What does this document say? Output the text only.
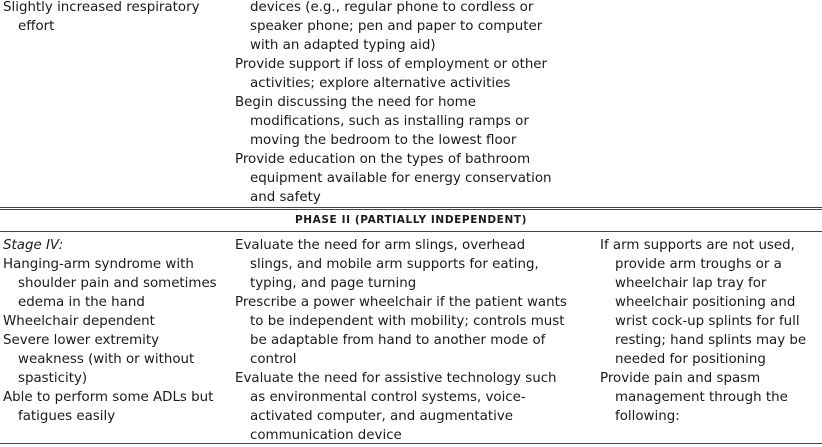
Slightly increased respiratory effort
devices (e.g., regular phone to cordless or speaker phone; pen and paper to computer with an adapted typing aid)
Provide support if loss of employment or other activities; explore alternative activities
Begin discussing the need for home modifications, such as installing ramps or moving the bedroom to the lowest floor
Provide education on the types of bathroom equipment available for energy conservation and safety
PHASE II (PARTIALLY INDEPENDENT)
Stage IV:
Hanging-arm syndrome with shoulder pain and sometimes edema in the hand
Wheelchair dependent
Severe lower extremity weakness (with or without spasticity)
Able to perform some ADLs but fatigues easily
Evaluate the need for arm slings, overhead slings, and mobile arm supports for eating, typing, and page turning
Prescribe a power wheelchair if the patient wants to be independent with mobility; controls must be adaptable from hand to another mode of control
Evaluate the need for assistive technology such as environmental control systems, voice-activated computer, and augmentative communication device
If arm supports are not used, provide arm troughs or a wheelchair lap tray for wheelchair positioning and wrist cock-up splints for full resting; hand splints may be needed for positioning
Provide pain and spasm management through the following:
